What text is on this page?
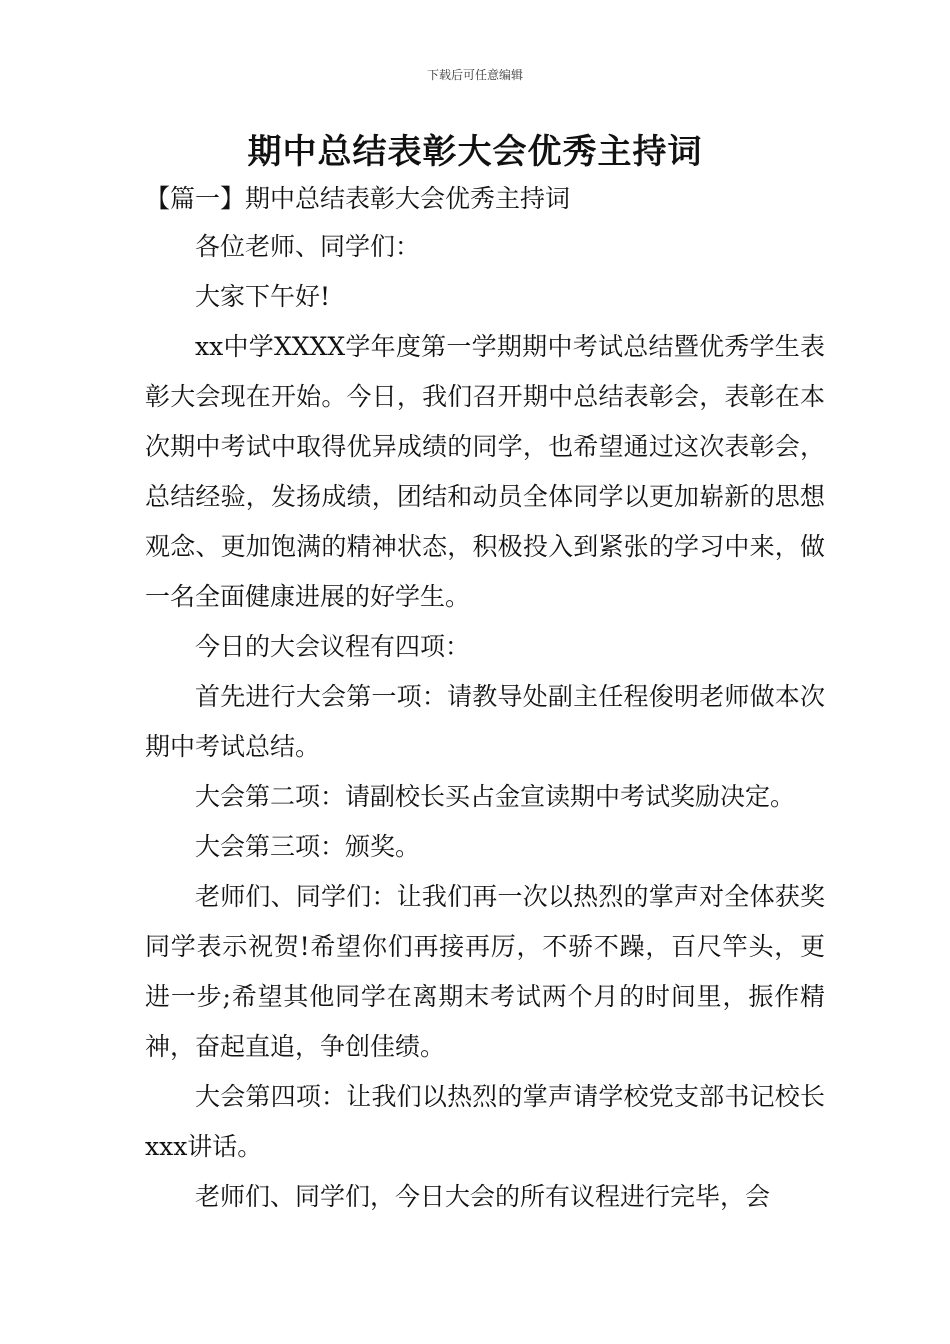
下载后可任意编辑
期中总结表彰大会优秀主持词
【篇一】期中总结表彰大会优秀主持词

各位老师、同学们：

大家下午好!

xx中学XXXX学年度第一学期期中考试总结暨优秀学生表彰大会现在开始。今日，我们召开期中总结表彰会，表彰在本次期中考试中取得优异成绩的同学，也希望通过这次表彰会，总结经验，发扬成绩，团结和动员全体同学以更加崭新的思想观念、更加饱满的精神状态，积极投入到紧张的学习中来，做一名全面健康进展的好学生。

今日的大会议程有四项：

首先进行大会第一项：请教导处副主任程俊明老师做本次期中考试总结。

大会第二项：请副校长买占金宣读期中考试奖励决定。

大会第三项：颁奖。

老师们、同学们：让我们再一次以热烈的掌声对全体获奖同学表示祝贺!希望你们再接再厉，不骄不躁，百尺竿头，更进一步;希望其他同学在离期末考试两个月的时间里，振作精神，奋起直追，争创佳绩。

大会第四项：让我们以热烈的掌声请学校党支部书记校长xxx讲话。

老师们、同学们，今日大会的所有议程进行完毕，会
